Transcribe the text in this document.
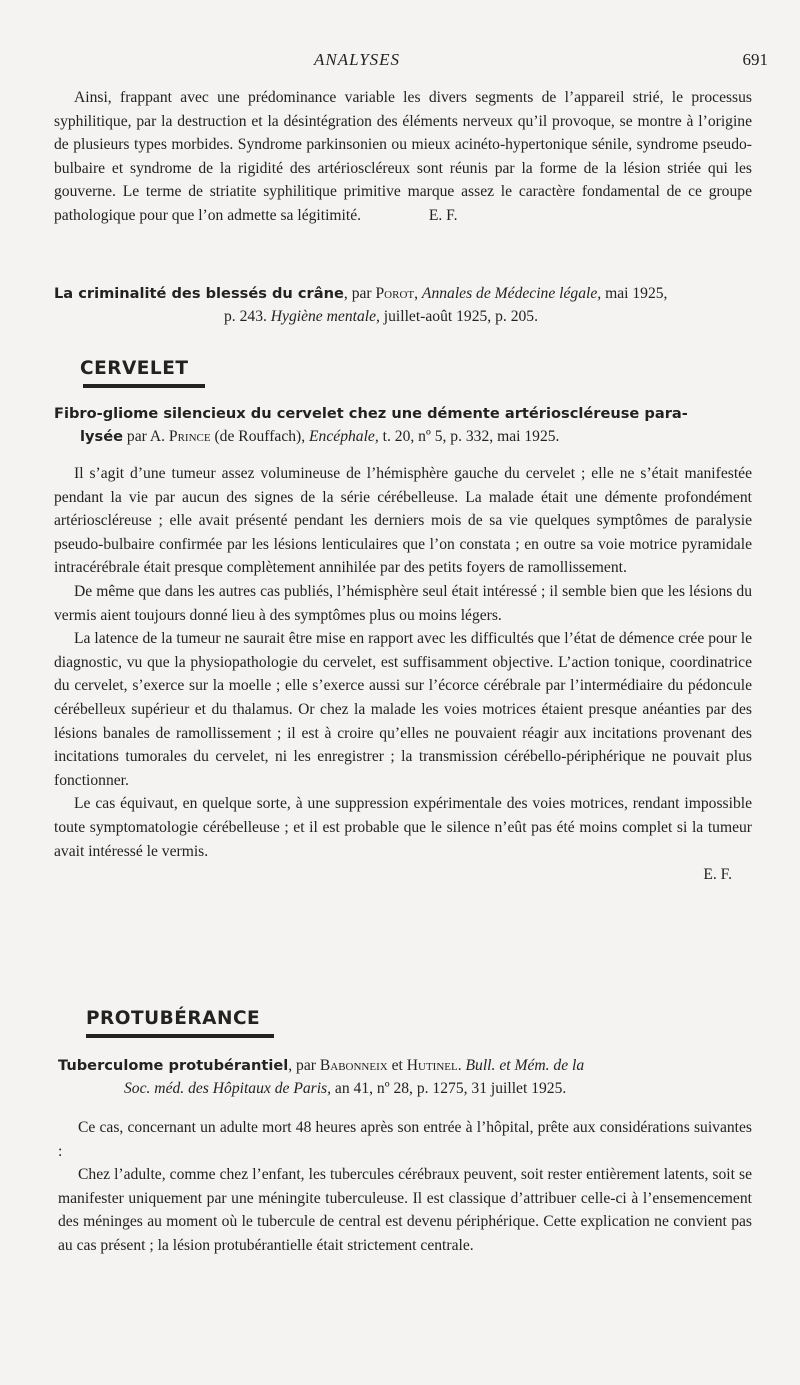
ANALYSES	691

Ainsi, frappant avec une prédominance variable les divers segments de l’appareil strié, le processus syphilitique, par la destruction et la désintégration des éléments nerveux qu’il provoque, se montre à l’origine de plusieurs types morbides. Syndrome parkinsonien ou mieux acinéto-hypertonique sénile, syndrome pseudo-bulbaire et syndrome de la rigidité des artérioscléreux sont réunis par la forme de la lésion striée qui les gouverne. Le terme de striatite syphilitique primitive marque assez le caractère fondamental de ce groupe pathologique pour que l’on admette sa légitimité.	E. F.

La criminalité des blessés du crâne, par Porot, Annales de Médecine légale, mai 1925,
p. 243. Hygiène mentale, juillet-août 1925, p. 205.
CERVELET
Fibro-gliome silencieux du cervelet chez une démente artérioscléreuse para-
lysée par A. Prince (de Rouffach), Encéphale, t. 20, nº 5, p. 332, mai 1925.

Il s’agit d’une tumeur assez volumineuse de l’hémisphère gauche du cervelet ; elle ne s’était manifestée pendant la vie par aucun des signes de la série cérébelleuse. La malade était une démente profondément artérioscléreuse ; elle avait présenté pendant les derniers mois de sa vie quelques symptômes de paralysie pseudo-bulbaire confirmée par les lésions lenticulaires que l’on constata ; en outre sa voie motrice pyramidale intracérébrale était presque complètement annihilée par des petits foyers de ramollissement.

De même que dans les autres cas publiés, l’hémisphère seul était intéressé ; il semble bien que les lésions du vermis aient toujours donné lieu à des symptômes plus ou moins légers.

La latence de la tumeur ne saurait être mise en rapport avec les difficultés que l’état de démence crée pour le diagnostic, vu que la physiopathologie du cervelet, est suffisamment objective. L’action tonique, coordinatrice du cervelet, s’exerce sur la moelle ; elle s’exerce aussi sur l’écorce cérébrale par l’intermédiaire du pédoncule cérébelleux supérieur et du thalamus. Or chez la malade les voies motrices étaient presque anéanties par des lésions banales de ramollissement ; il est à croire qu’elles ne pouvaient réagir aux incitations provenant des incitations tumorales du cervelet, ni les enregistrer ; la transmission cérébello-périphérique ne pouvait plus fonctionner.

Le cas équivaut, en quelque sorte, à une suppression expérimentale des voies motrices, rendant impossible toute symptomatologie cérébelleuse ; et il est probable que le silence n’eût pas été moins complet si la tumeur avait intéressé le vermis.

E. F.

PROTUBÉRANCE
Tuberculome protubérantiel, par Babonneix et Hutinel. Bull. et Mém. de la
Soc. méd. des Hôpitaux de Paris, an 41, nº 28, p. 1275, 31 juillet 1925.

Ce cas, concernant un adulte mort 48 heures après son entrée à l’hôpital, prête aux considérations suivantes :

Chez l’adulte, comme chez l’enfant, les tubercules cérébraux peuvent, soit rester entièrement latents, soit se manifester uniquement par une méningite tuberculeuse. Il est classique d’attribuer celle-ci à l’ensemencement des méninges au moment où le tubercule de central est devenu périphérique. Cette explication ne convient pas au cas présent ; la lésion protubérantielle était strictement centrale.
